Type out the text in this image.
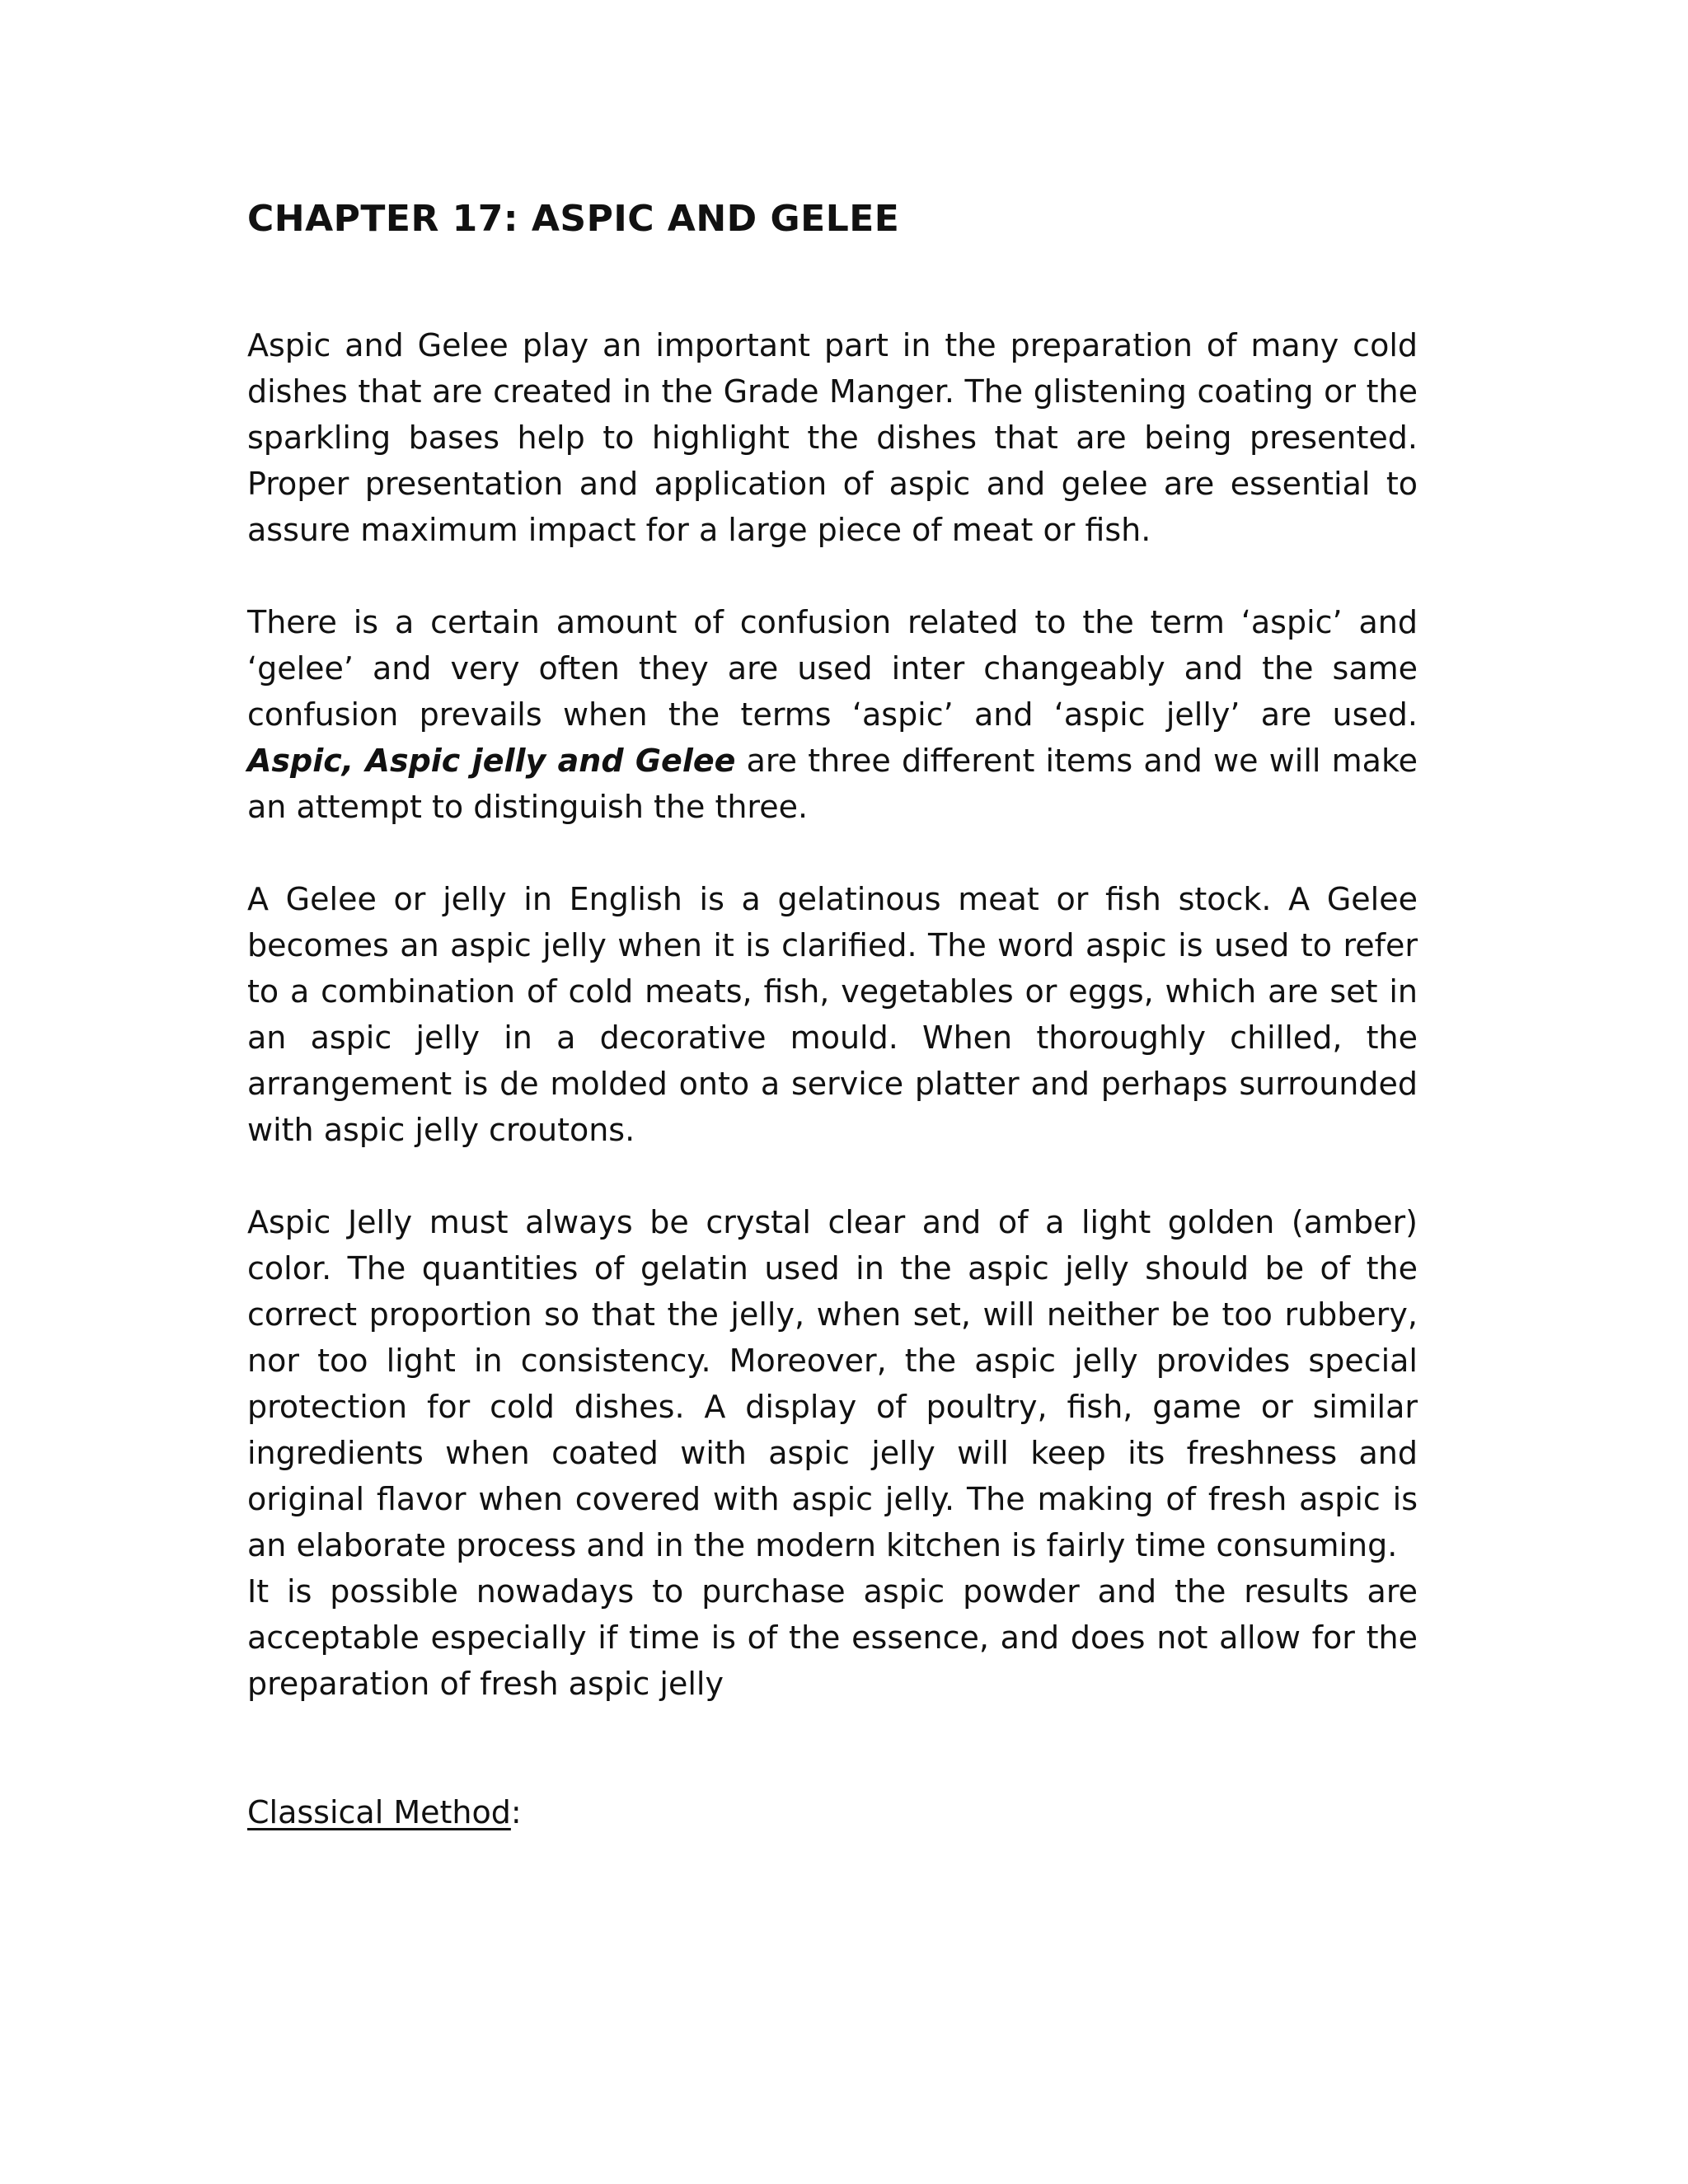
CHAPTER 17: ASPIC AND GELEE

Aspic and Gelee play an important part in the preparation of many cold dishes that are created in the Grade Manger. The glistening coating or the sparkling bases help to highlight the dishes that are being presented. Proper presentation and application of aspic and gelee are essential to assure maximum impact for a large piece of meat or fish.

There is a certain amount of confusion related to the term ‘aspic’ and ‘gelee’ and very often they are used inter changeably and the same confusion prevails when the terms ‘aspic’ and ‘aspic jelly’ are used. Aspic, Aspic jelly and Gelee are three different items and we will make an attempt to distinguish the three.

A Gelee or jelly in English is a gelatinous meat or fish stock. A Gelee becomes an aspic jelly when it is clarified. The word aspic is used to refer to a combination of cold meats, fish, vegetables or eggs, which are set in an aspic jelly in a decorative mould. When thoroughly chilled, the arrangement is de molded onto a service platter and perhaps surrounded with aspic jelly croutons.

Aspic Jelly must always be crystal clear and of a light golden (amber) color. The quantities of gelatin used in the aspic jelly should be of the correct proportion so that the jelly, when set, will neither be too rubbery, nor too light in consistency. Moreover, the aspic jelly provides special protection for cold dishes. A display of poultry, fish, game or similar ingredients when coated with aspic jelly will keep its freshness and original flavor when covered with aspic jelly. The making of fresh aspic is an elaborate process and in the modern kitchen is fairly time consuming.

It is possible nowadays to purchase aspic powder and the results are acceptable especially if time is of the essence, and does not allow for the preparation of fresh aspic jelly

Classical Method:
